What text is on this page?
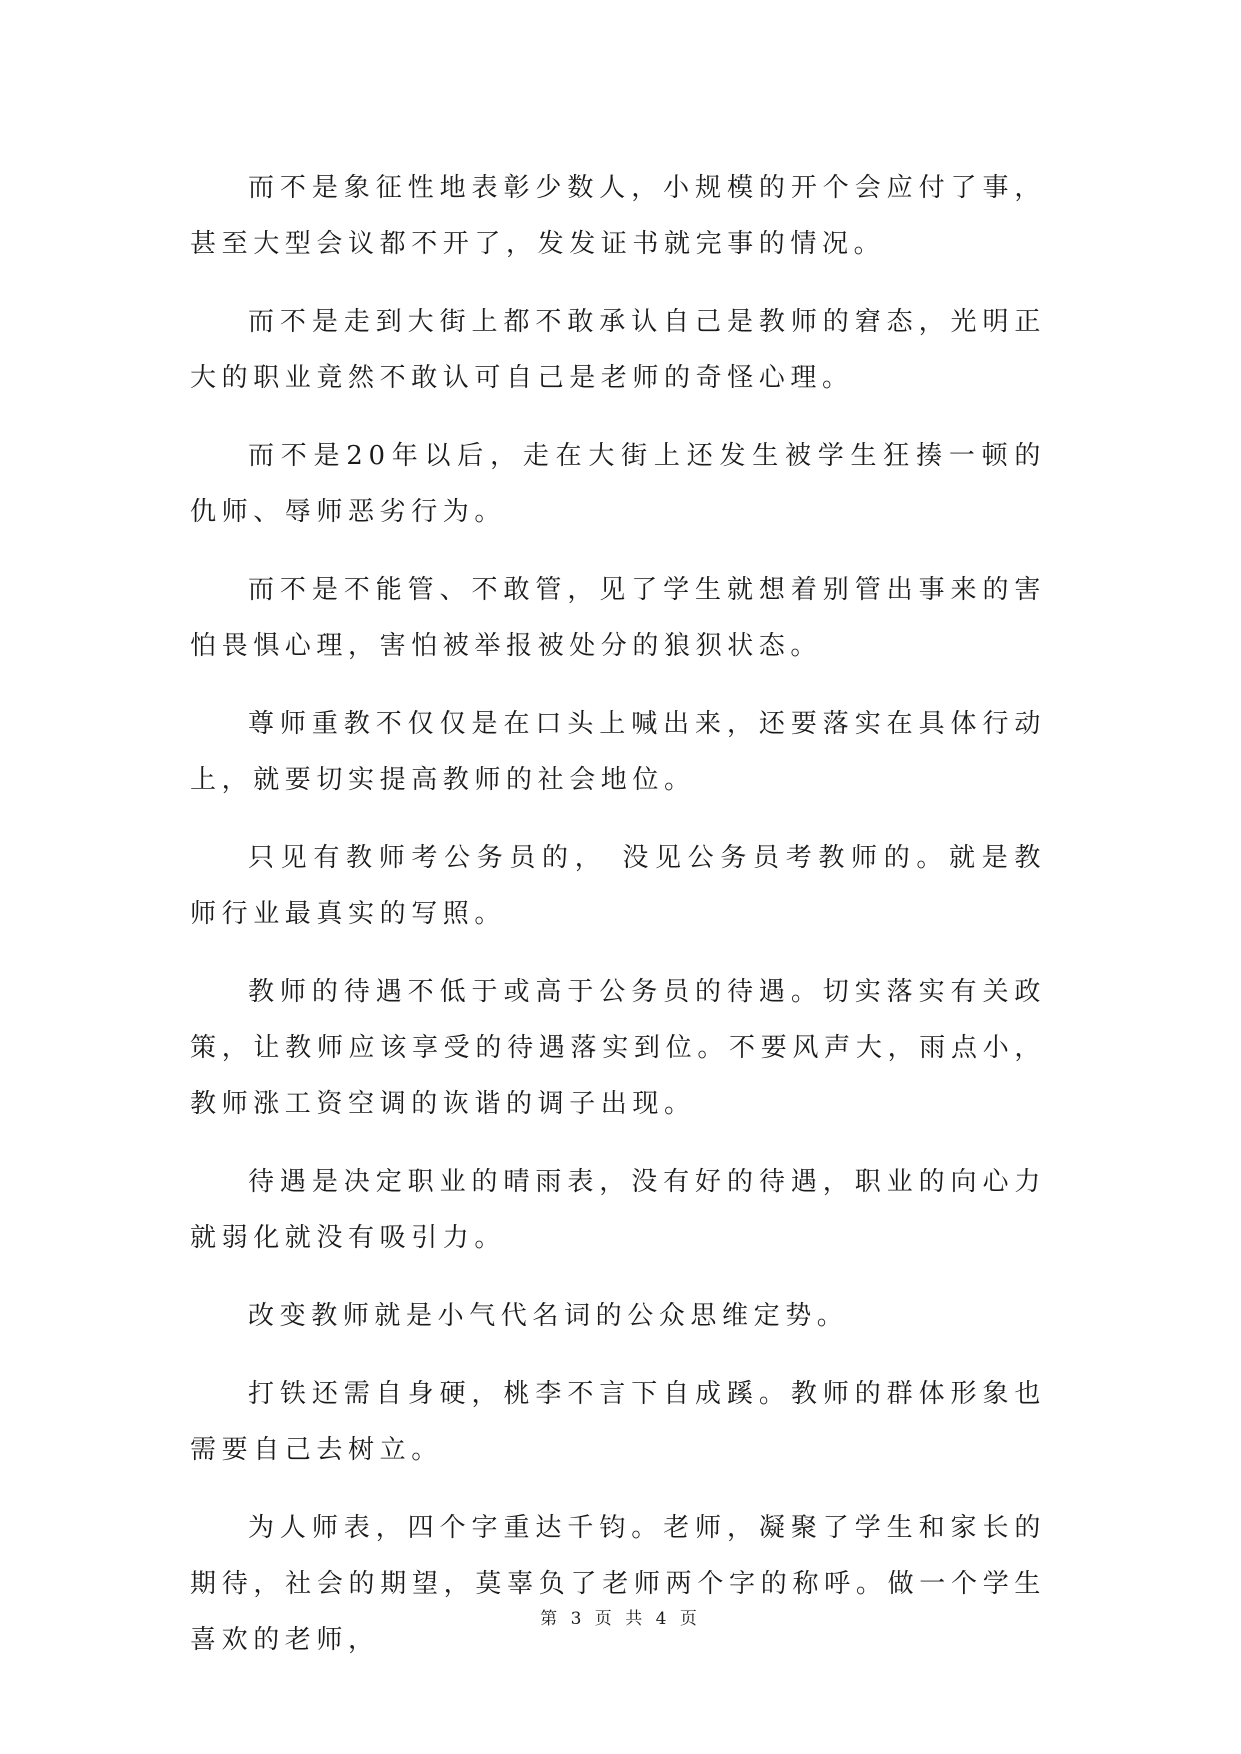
而不是象征性地表彰少数人，小规模的开个会应付了事，甚至大型会议都不开了，发发证书就完事的情况。

而不是走到大街上都不敢承认自己是教师的窘态，光明正大的职业竟然不敢认可自己是老师的奇怪心理。

而不是20年以后，走在大街上还发生被学生狂揍一顿的仇师、辱师恶劣行为。

而不是不能管、不敢管，见了学生就想着别管出事来的害怕畏惧心理，害怕被举报被处分的狼狈状态。

尊师重教不仅仅是在口头上喊出来，还要落实在具体行动上，就要切实提高教师的社会地位。

只见有教师考公务员的， 没见公务员考教师的。就是教师行业最真实的写照。

教师的待遇不低于或高于公务员的待遇。切实落实有关政策，让教师应该享受的待遇落实到位。不要风声大，雨点小，教师涨工资空调的诙谐的调子出现。

待遇是决定职业的晴雨表，没有好的待遇，职业的向心力就弱化就没有吸引力。

改变教师就是小气代名词的公众思维定势。

打铁还需自身硬，桃李不言下自成蹊。教师的群体形象也需要自己去树立。

为人师表，四个字重达千钧。老师，凝聚了学生和家长的期待，社会的期望，莫辜负了老师两个字的称呼。做一个学生喜欢的老师，

第 3 页 共 4 页
